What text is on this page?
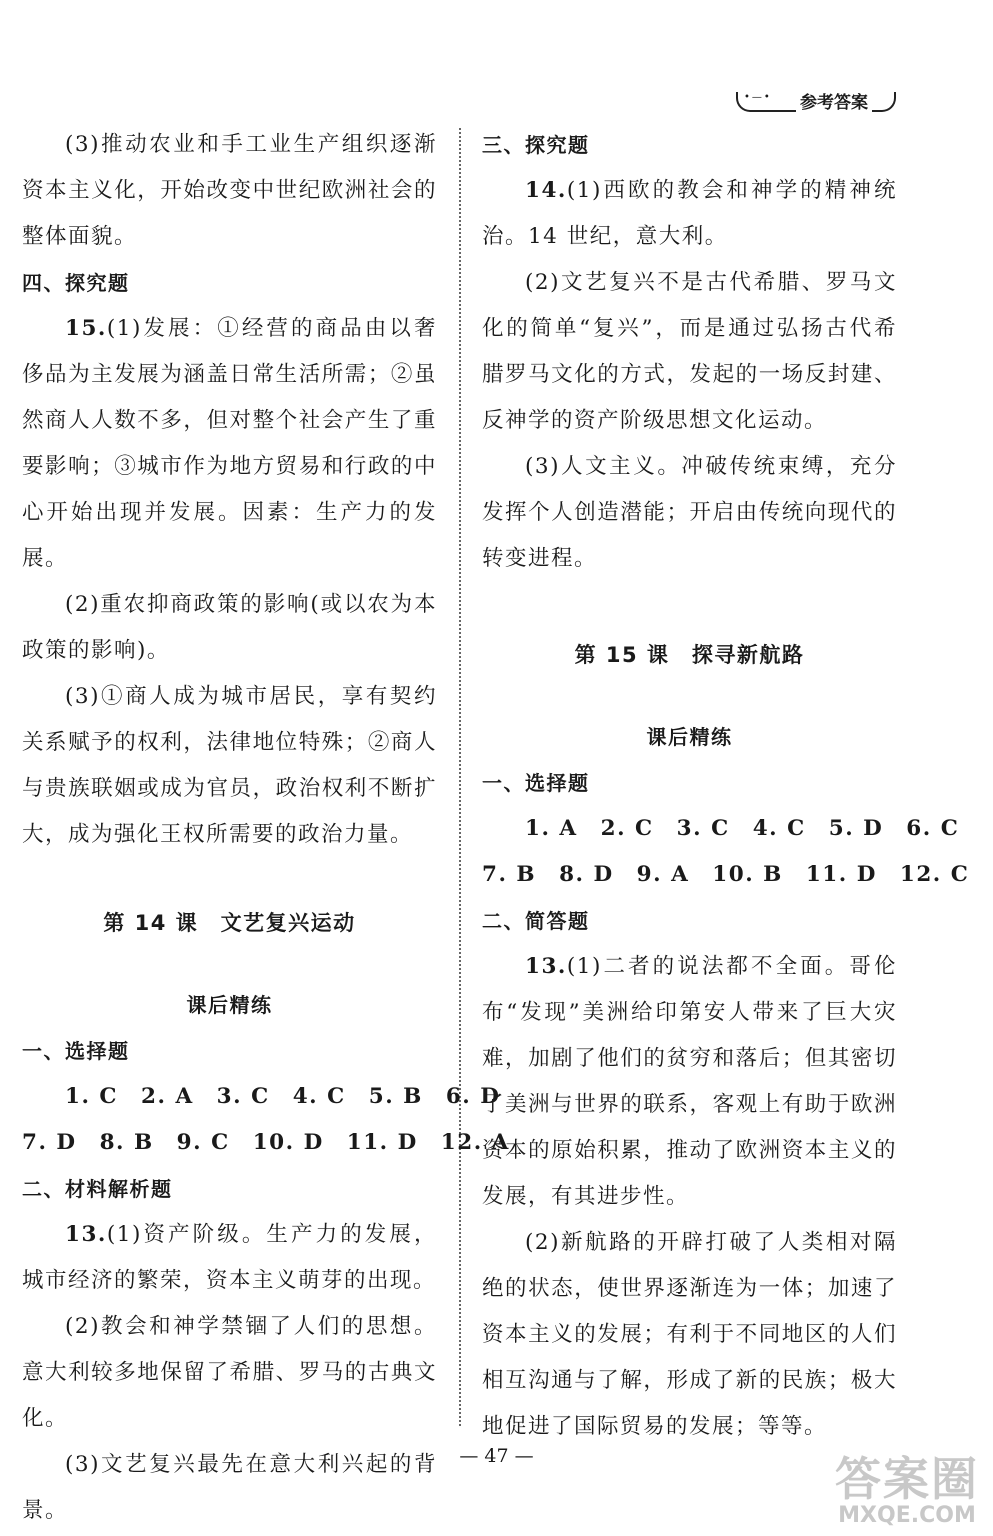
•—• 参考答案

(3)推动农业和手工业生产组织逐渐资本主义化，开始改变中世纪欧洲社会的整体面貌。

四、探究题

15.(1)发展：①经营的商品由以奢侈品为主发展为涵盖日常生活所需；②虽然商人人数不多，但对整个社会产生了重要影响；③城市作为地方贸易和行政的中心开始出现并发展。因素：生产力的发展。

(2)重农抑商政策的影响(或以农为本政策的影响)。

(3)①商人成为城市居民，享有契约关系赋予的权利，法律地位特殊；②商人与贵族联姻或成为官员，政治权利不断扩大，成为强化王权所需要的政治力量。

第 14 课　文艺复兴运动

课后精练

一、选择题

1. C　2. A　3. C　4. C　5. B　6. D

7. D　8. B　9. C　10. D　11. D　12. A

二、材料解析题

13.(1)资产阶级。生产力的发展，城市经济的繁荣，资本主义萌芽的出现。

(2)教会和神学禁锢了人们的思想。意大利较多地保留了希腊、罗马的古典文化。

(3)文艺复兴最先在意大利兴起的背景。

三、探究题

14.(1)西欧的教会和神学的精神统治。14 世纪，意大利。

(2)文艺复兴不是古代希腊、罗马文化的简单“复兴”，而是通过弘扬古代希腊罗马文化的方式，发起的一场反封建、反神学的资产阶级思想文化运动。

(3)人文主义。冲破传统束缚，充分发挥个人创造潜能；开启由传统向现代的转变进程。

第 15 课　探寻新航路

课后精练

一、选择题

1. A　2. C　3. C　4. C　5. D　6. C

7. B　8. D　9. A　10. B　11. D　12. C

二、简答题

13.(1)二者的说法都不全面。哥伦布“发现”美洲给印第安人带来了巨大灾难，加剧了他们的贫穷和落后；但其密切了美洲与世界的联系，客观上有助于欧洲资本的原始积累，推动了欧洲资本主义的发展，有其进步性。

(2)新航路的开辟打破了人类相对隔绝的状态，使世界逐渐连为一体；加速了资本主义的发展；有利于不同地区的人们相互沟通与了解，形成了新的民族；极大地促进了国际贸易的发展；等等。

— 47 —	答案圈
MXQE.COM
